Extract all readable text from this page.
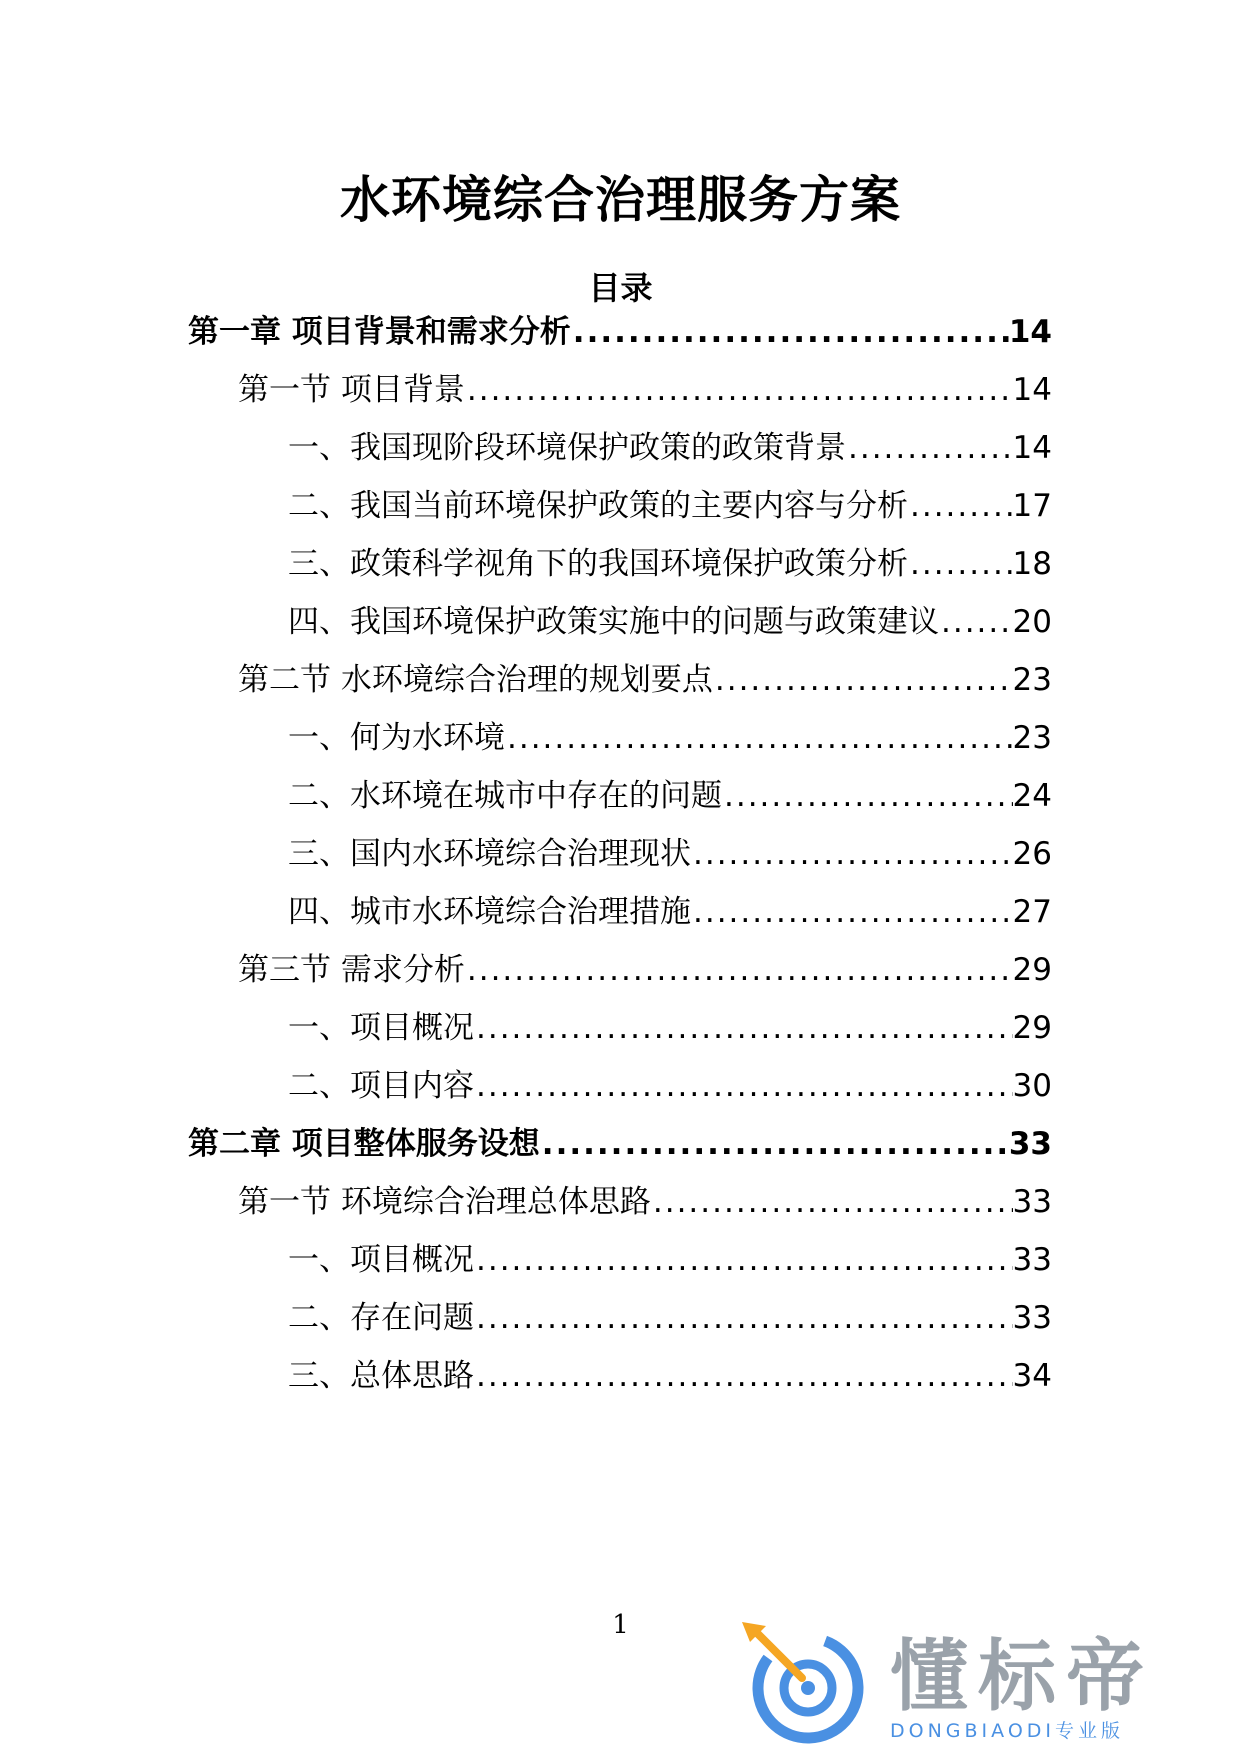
水环境综合治理服务方案
目录
第一章 项目背景和需求分析 .....	14
第一节 项目背景 .....	14
一、我国现阶段环境保护政策的政策背景 .....	14
二、我国当前环境保护政策的主要内容与分析 .....	17
三、政策科学视角下的我国环境保护政策分析 .....	18
四、我国环境保护政策实施中的问题与政策建议 ..... 20
第二节 水环境综合治理的规划要点 .....	23
一、何为水环境 .....	23
二、水环境在城市中存在的问题 .....	24
三、国内水环境综合治理现状 .....	26
四、城市水环境综合治理措施 .....	27
第三节 需求分析 .....	29
一、项目概况 .....	29
二、项目内容 .....	30
第二章 项目整体服务设想 .....	33
第一节 环境综合治理总体思路 .....	33
一、项目概况 .....	33
二、存在问题 .....	33
三、总体思路 .....	34
1
懂标帝
DONGBIAODI专业版
